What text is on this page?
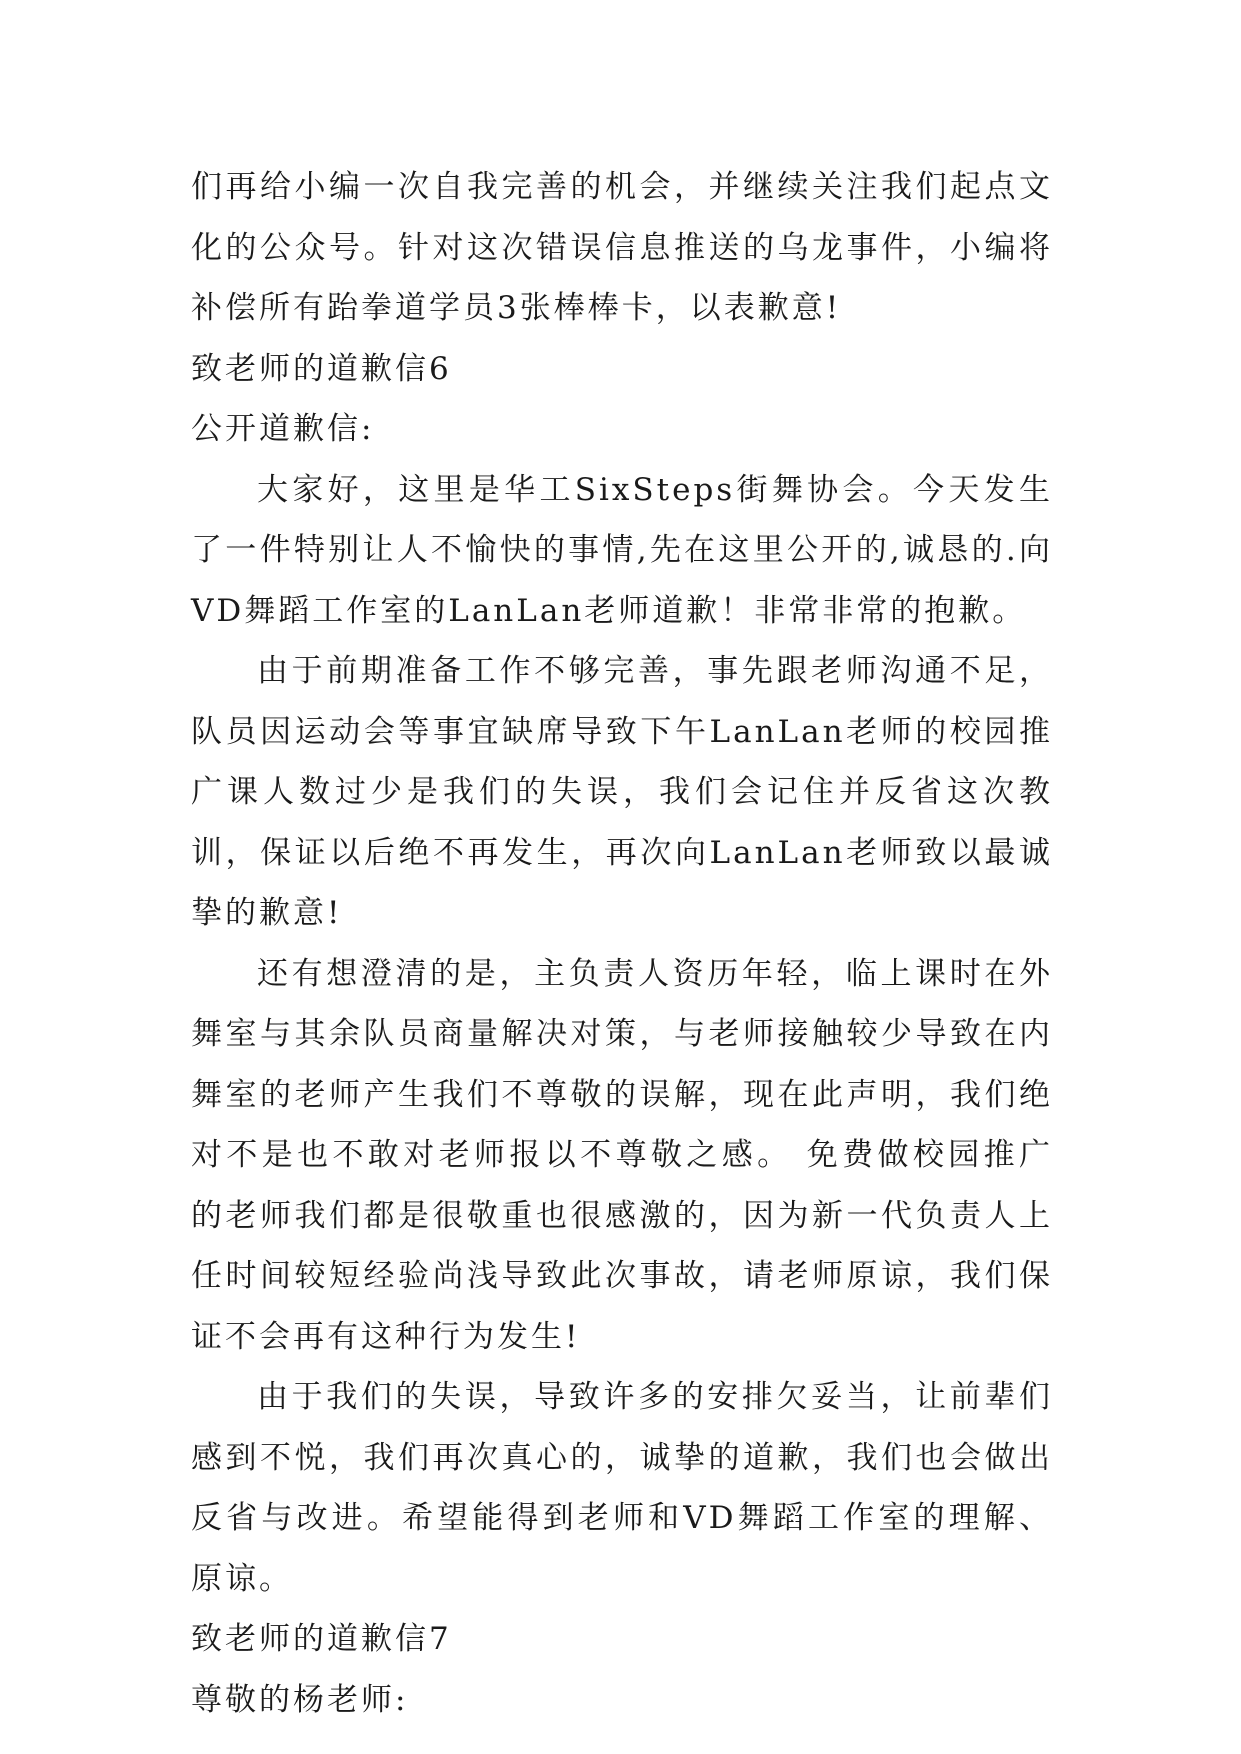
们再给小编一次自我完善的机会，并继续关注我们起点文化的公众号。针对这次错误信息推送的乌龙事件，小编将补偿所有跆拳道学员3张棒棒卡，以表歉意!

致老师的道歉信6

公开道歉信:

大家好，这里是华工SixSteps街舞协会。今天发生了一件特别让人不愉快的事情,先在这里公开的,诚恳的.向VD舞蹈工作室的LanLan老师道歉！非常非常的抱歉。

由于前期准备工作不够完善，事先跟老师沟通不足，队员因运动会等事宜缺席导致下午LanLan老师的校园推广课人数过少是我们的失误，我们会记住并反省这次教训，保证以后绝不再发生，再次向LanLan老师致以最诚挚的歉意!

还有想澄清的是，主负责人资历年轻，临上课时在外舞室与其余队员商量解决对策，与老师接触较少导致在内舞室的老师产生我们不尊敬的误解，现在此声明，我们绝对不是也不敢对老师报以不尊敬之感。 免费做校园推广的老师我们都是很敬重也很感激的，因为新一代负责人上任时间较短经验尚浅导致此次事故，请老师原谅，我们保证不会再有这种行为发生!

由于我们的失误，导致许多的安排欠妥当，让前辈们感到不悦，我们再次真心的，诚挚的道歉，我们也会做出反省与改进。希望能得到老师和VD舞蹈工作室的理解、原谅。

致老师的道歉信7

尊敬的杨老师:
